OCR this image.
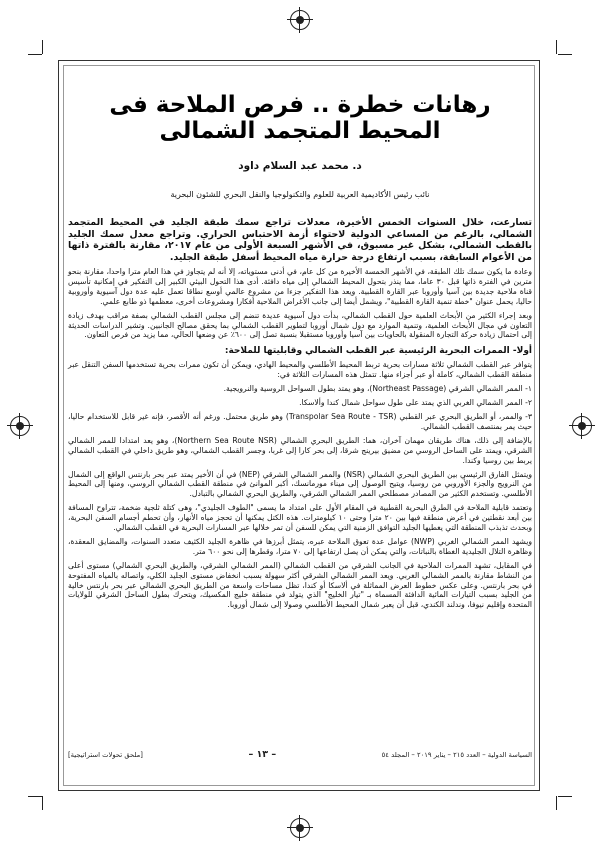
رهانات خطرة .. فرص الملاحة فى المحيط المتجمد الشمالى
د. محمد عبد السلام داود
نائب رئيس الأكاديمية العربية للعلوم والتكنولوجيا والنقل البحري للشئون البحرية
تسارعت، خلال السنوات الخمس الأخيرة، معدلات تراجع سمك طبقة الجليد في المحيط المتجمد الشمالي، بالرغم من المساعي الدولية لاحتواء أزمة الاحتباس الحراري. وتراجع معدل سمك الجليد بالقطب الشمالي، بشكل غير مسبوق، في الأشهر السبعة الأولى من عام ٢٠١٧، مقارنة بالفترة ذاتها من الأعوام السابقة، بسبب ارتفاع درجة حرارة مياه المحيط أسفل طبقة الجليد.

وعادة ما يكون سمك تلك الطبقة، في الأشهر الخمسة الأخيرة من كل عام، في أدنى مستوياته، إلا أنه لم يتجاوز في هذا العام مترا واحدا، مقارنة بنحو مترين في الفترة ذاتها قبل ٣٠ عاما، مما ينذر بتحول المحيط الشمالي إلى مياه دافئة. أدى هذا التحول البيئي الكبير إلى التفكير في إمكانية تأسيس قناة ملاحية جديدة بين آسيا وأوروبا عبر القارة القطبية. ويعد هذا التفكير جزءا من مشروع عالمي أوسع نطاقا تعمل عليه عدة دول آسيوية وأوروبية حاليا، يحمل عنوان "خطة تنمية القارة القطبية"، ويشمل أيضا إلى جانب الأغراض الملاحية أفكارا ومشروعات أخرى، معظمها ذو طابع علمي.

وبعد إجراء الكثير من الأبحاث العلمية حول القطب الشمالي، بدأت دول آسيوية عديدة تنضم إلى مجلس القطب الشمالي بصفة مراقب بهدف زيادة التعاون في مجال الأبحاث العلمية، وتنمية الموارد مع دول شمال أوروبا لتطوير القطب الشمالي بما يحقق مصالح الجانبين. وتشير الدراسات الحديثة إلى احتمال زيادة حركة التجارة المنقولة بالحاويات بين آسيا وأوروبا مستقبلا بنسبة تصل إلى ٦٠٠٪ عن وضعها الحالي، مما يزيد من فرص التعاون.

أولا- الممرات البحرية الرئيسية عبر القطب الشمالي وقابليتها للملاحة:

يتوافر عبر القطب الشمالي ثلاثة مسارات بحرية تربط المحيط الأطلسي والمحيط الهادي، ويمكن أن تكون ممرات بحرية تستخدمها السفن التنقل عبر منطقة القطب الشمالي، كاملة أو عبر أجزاء منها. تتمثل هذه المسارات الثلاثة في:

١- الممر الشمالي الشرقي (Northeast Passage)، وهو يمتد بطول السواحل الروسية والنرويجية.

٢- الممر الشمالي الغربي الذي يمتد على طول سواحل شمال كندا وألاسكا.

٣- والممر، أو الطريق البحري عبر القطبي (Transpolar Sea Route - TSR) وهو طريق محتمل. ورغم أنه الأقصر، فإنه غير قابل للاستخدام حاليا، حيث يمر بمنتصف القطب الشمالي.

بالإضافة إلى ذلك، هناك طريقان مهمان آخران، هما: الطريق البحري الشمالي (Northern Sea Route NSR)، وهو يعد امتدادا للممر الشمالي الشرقي، ويمتد على الساحل الروسي من مضيق بيرينج شرقا، إلى بحر كارا إلى غربا، وجسر القطب الشمالي، وهو طريق داخلي في القطب الشمالي يربط بين روسيا وكندا.

ويتمثل الفارق الرئيسي بين الطريق البحري الشمالي (NSR) والممر الشمالي الشرقي (NEP) في أن الأخير يمتد عبر بحر بارنتس الواقع إلى الشمال من النرويج والجزء الأوروبي من روسيا، ويتيح الوصول إلى ميناء مورمانسك، أكبر الموانئ في منطقة القطب الشمالي الروسي، ومنها إلى المحيط الأطلسي. وتستخدم الكثير من المصادر مصطلحي الممر الشمالي الشرقي، والطريق البحري الشمالي بالتبادل.

وتعتمد قابلية الملاحة في الطرق البحرية القطبية في المقام الأول على امتداد ما يسمى "الطوف الجليدي"، وهى كتلة ثلجية ضخمة، تتراوح المسافة بين أبعد نقطتين في أعرض منطقة فيها بين ٢٠ مترا وحتى ١٠ كيلومترات. هذه الكتل يمكنها أن تحجز مياه الأنهار، وأن تحطم أجسام السفن البحرية، وبحدث تذبذب المنطقة التي يغطيها الجليد التوافق الزمنية التي يمكن للسفن أن تمر خلالها عبر المسارات البحرية في القطب الشمالي.

ويشهد الممر الشمالي الغربي (NWP) عوامل عدة تعوق الملاحة عبره، يتمثل أبرزها في ظاهرة الجليد الكثيف متعدد السنوات، والمضايق المعقدة، وظاهرة التلال الجليدية الغطاة بالنباتات، والتي يمكن أن يصل ارتفاعها إلى ٧٠ مترا، وقطرها إلى نحو ٦٠٠ متر.

في المقابل، تشهد الممرات الملاحية في الجانب الشرقي من القطب الشمالي (الممر الشمالي الشرقي، والطريق البحري الشمالي) مستوى أعلى من النشاط مقارنة بالممر الشمالي الغربي. ويعد الممر الشمالي الشرقي أكثر سهولة بسبب انخفاض مستوى الجليد الكلي، واتصاله بالمياه المفتوحة في بحر بارنتس. وعلى عكس خطوط العرض المماثلة في ألاسكا أو كندا، تظل مساحات واسعة من الطريق البحري الشمالي عبر بحر بارنتس خالية من الجليد بسبب التيارات المائية الدافئة المسماة بـ "تيار الخليج" الذي يتولد في منطقة خليج المكسيك، ويتحرك بطول الساحل الشرقي للولايات المتحدة وإقليم نيوفا، وندلند الكندي، قبل أن يعبر شمال المحيط الأطلسي وصولا إلى شمال أوروبا.

السياسة الدولية – العدد ٢١٥ – يناير ٢٠١٩ – المجلد ٥٤
– ١٣ –
[ملحق تحولات استراتيجية]
